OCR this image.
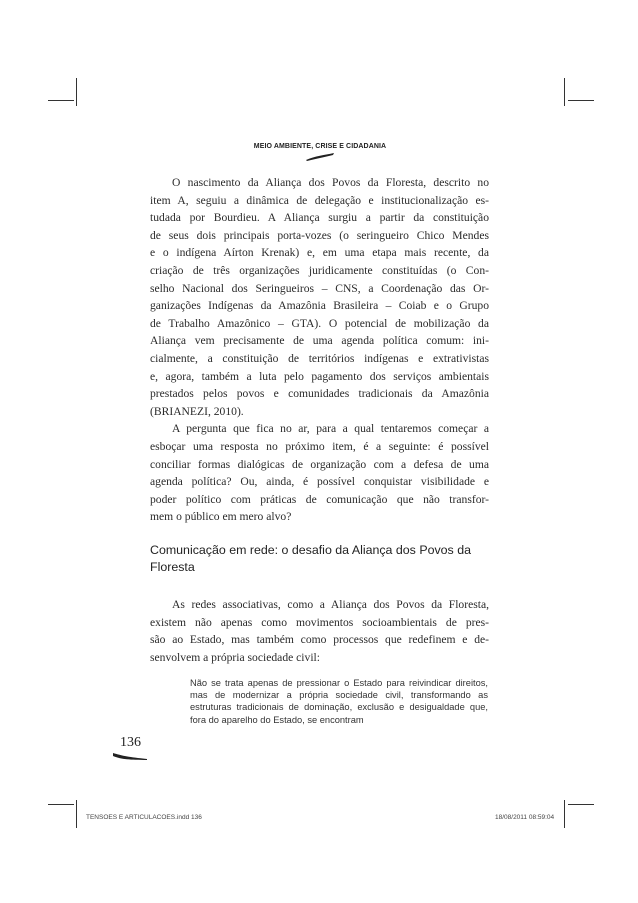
MEIO AMBIENTE, CRISE E CIDADANIA

O nascimento da Aliança dos Povos da Floresta, descrito no
item A, seguiu a dinâmica de delegação e institucionalização es-
tudada por Bourdieu. A Aliança surgiu a partir da constituição
de seus dois principais porta-vozes (o seringueiro Chico Mendes
e o indígena Aírton Krenak) e, em uma etapa mais recente, da
criação de três organizações juridicamente constituídas (o Con-
selho Nacional dos Seringueiros – CNS, a Coordenação das Or-
ganizações Indígenas da Amazônia Brasileira – Coiab e o Grupo
de Trabalho Amazônico – GTA). O potencial de mobilização da
Aliança vem precisamente de uma agenda política comum: ini-
cialmente, a constituição de territórios indígenas e extrativistas
e, agora, também a luta pelo pagamento dos serviços ambientais
prestados pelos povos e comunidades tradicionais da Amazônia
(BRIANEZI, 2010).

A pergunta que fica no ar, para a qual tentaremos começar a
esboçar uma resposta no próximo item, é a seguinte: é possível
conciliar formas dialógicas de organização com a defesa de uma
agenda política? Ou, ainda, é possível conquistar visibilidade e
poder político com práticas de comunicação que não transfor-
mem o público em mero alvo?

Comunicação em rede: o desafio da Aliança dos Povos da Floresta

As redes associativas, como a Aliança dos Povos da Floresta,
existem não apenas como movimentos socioambientais de pres-
são ao Estado, mas também como processos que redefinem e de-
senvolvem a própria sociedade civil:

Não se trata apenas de pressionar o Estado para reivindicar direitos, mas de modernizar a própria sociedade civil, transformando as estruturas tradicionais de dominação, exclusão e desigualdade que, fora do aparelho do Estado, se encontram
136
TENSOES E ARTICULACOES.indd 136	18/08/2011 08:59:04
